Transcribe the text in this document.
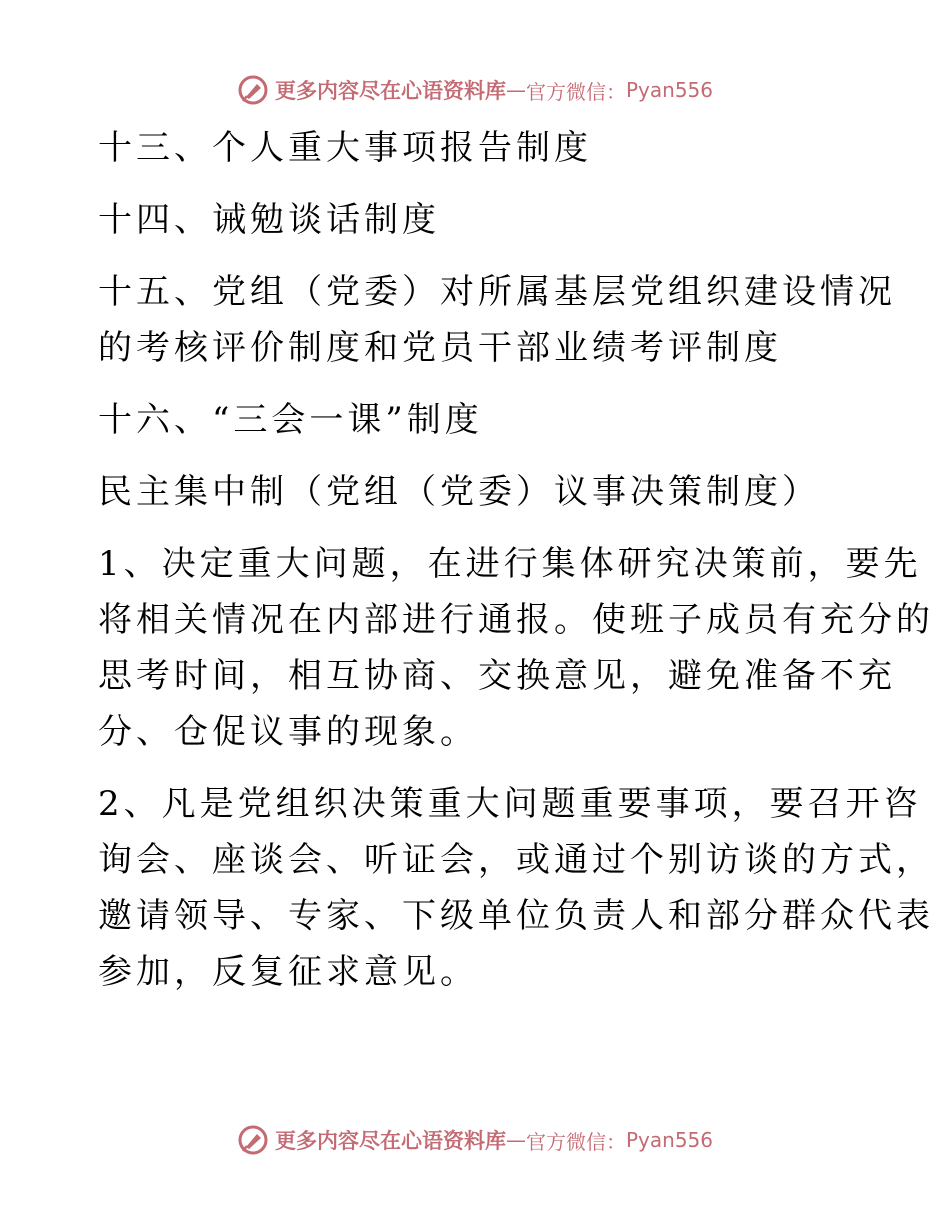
更多内容尽在心语资料库 — 官方微信： Pyan556
十三、个人重大事项报告制度
十四、诫勉谈话制度
十五、党组（党委）对所属基层党组织建设情况
的考核评价制度和党员干部业绩考评制度
十六、“三会一课”制度
民主集中制（党组（党委）议事决策制度）
1、决定重大问题，在进行集体研究决策前，要先
将相关情况在内部进行通报。使班子成员有充分的
思考时间，相互协商、交换意见，避免准备不充
分、仓促议事的现象。
2、凡是党组织决策重大问题重要事项，要召开咨
询会、座谈会、听证会，或通过个别访谈的方式，
邀请领导、专家、下级单位负责人和部分群众代表
参加，反复征求意见。
更多内容尽在心语资料库 — 官方微信： Pyan556
